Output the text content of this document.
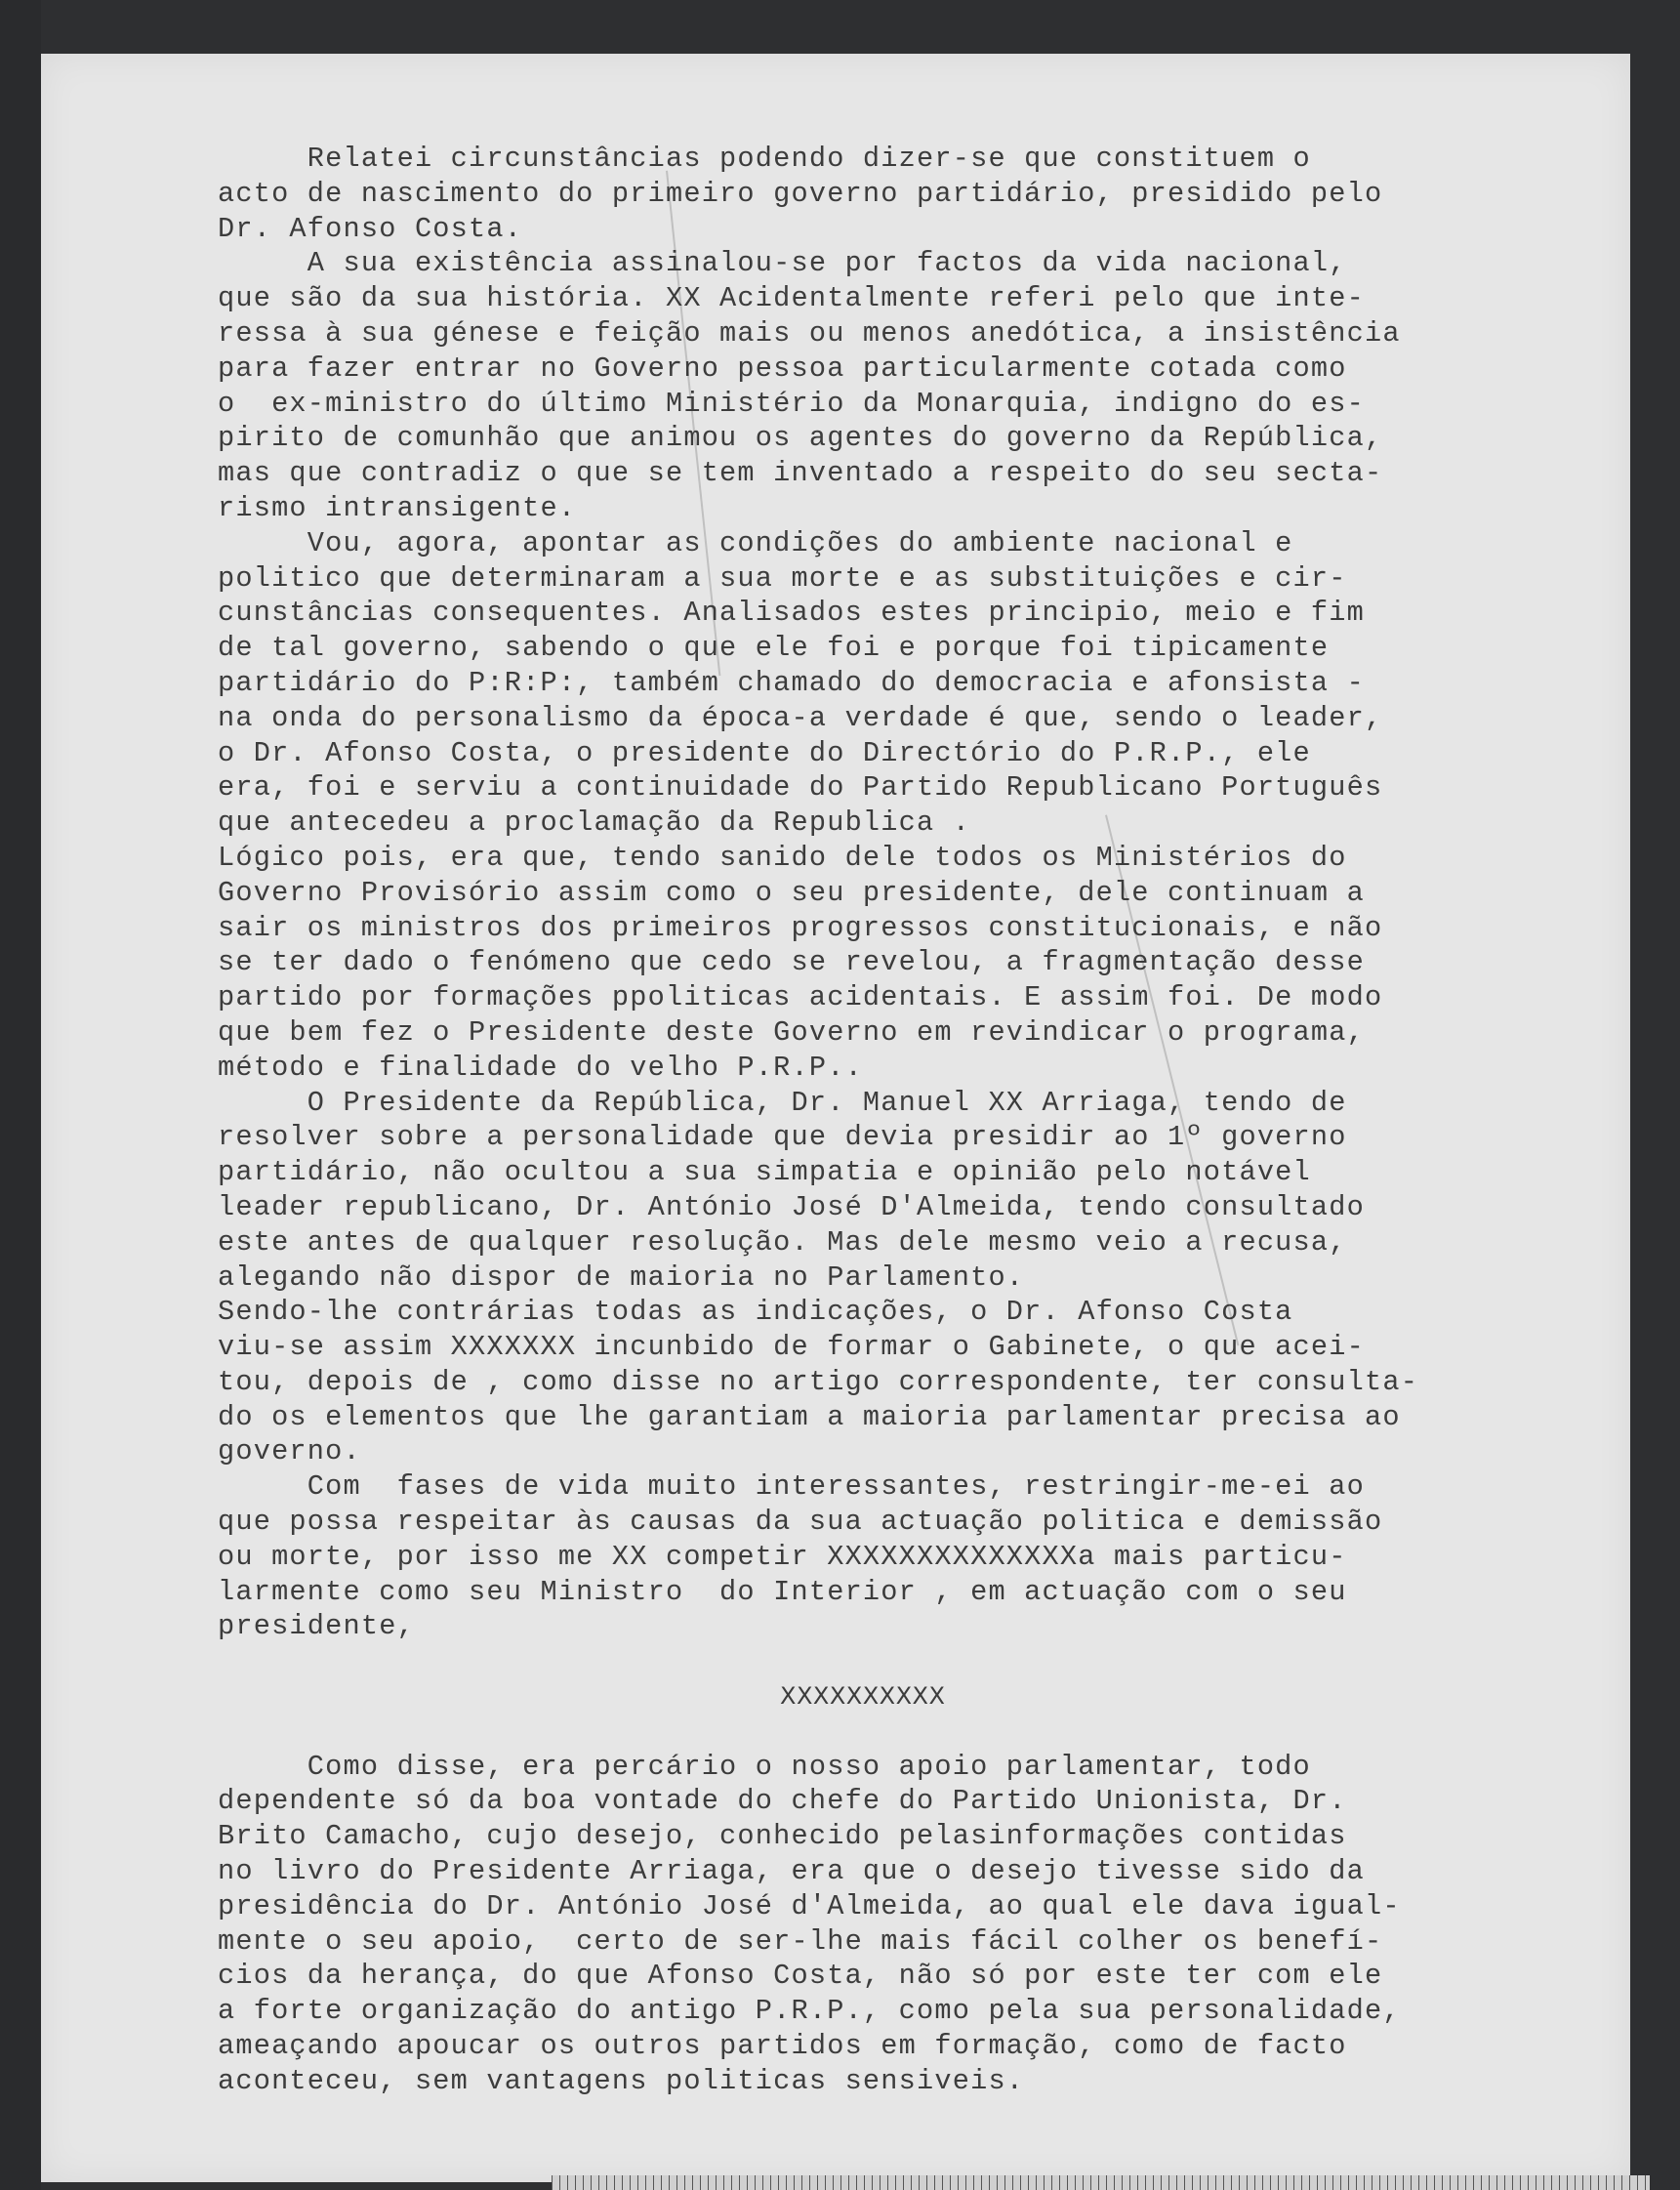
Relatei circunstâncias podendo dizer-se que constituem o
acto de nascimento do primeiro governo partidário, presidido pelo
Dr. Afonso Costa.
A sua existência assinalou-se por factos da vida nacional,
que são da sua história. XX Acidentalmente referi pelo que inte-
ressa à sua génese e feição mais ou menos anedótica, a insistência
para fazer entrar no Governo pessoa particularmente cotada como
o  ex-ministro do último Ministério da Monarquia, indigno do es-
pirito de comunhão que animou os agentes do governo da República,
mas que contradiz o que se tem inventado a respeito do seu secta-
rismo intransigente.
Vou, agora, apontar as condições do ambiente nacional e
politico que determinaram a sua morte e as substituições e cir-
cunstâncias consequentes. Analisados estes principio, meio e fim
de tal governo, sabendo o que ele foi e porque foi tipicamente
partidário do P:R:P:, também chamado do democracia e afonsista -
na onda do personalismo da época-a verdade é que, sendo o leader,
o Dr. Afonso Costa, o presidente do Directório do P.R.P., ele
era, foi e serviu a continuidade do Partido Republicano Português
que antecedeu a proclamação da Republica .
Lógico pois, era que, tendo sanido dele todos os Ministérios do
Governo Provisório assim como o seu presidente, dele continuam a
sair os ministros dos primeiros progressos constitucionais, e não
se ter dado o fenómeno que cedo se revelou, a fragmentação desse
partido por formações ppoliticas acidentais. E assim foi. De modo
que bem fez o Presidente deste Governo em revindicar o programa,
método e finalidade do velho P.R.P..
O Presidente da República, Dr. Manuel XX Arriaga, tendo de
resolver sobre a personalidade que devia presidir ao 1º governo
partidário, não ocultou a sua simpatia e opinião pelo notável
leader republicano, Dr. António José D'Almeida, tendo consultado
este antes de qualquer resolução. Mas dele mesmo veio a recusa,
alegando não dispor de maioria no Parlamento.
Sendo-lhe contrárias todas as indicações, o Dr. Afonso Costa
viu-se assim XXXXXXX incunbido de formar o Gabinete, o que acei-
tou, depois de , como disse no artigo correspondente, ter consulta-
do os elementos que lhe garantiam a maioria parlamentar precisa ao
governo.
Com  fases de vida muito interessantes, restringir-me-ei ao
que possa respeitar às causas da sua actuação politica e demissão
ou morte, por isso me XX competir XXXXXXXXXXXXXXa mais particu-
larmente como seu Ministro  do Interior , em actuação com o seu
presidente,
XXXXXXXXXX
Como disse, era percário o nosso apoio parlamentar, todo
dependente só da boa vontade do chefe do Partido Unionista, Dr.
Brito Camacho, cujo desejo, conhecido pelasinformações contidas
no livro do Presidente Arriaga, era que o desejo tivesse sido da
presidência do Dr. António José d'Almeida, ao qual ele dava igual-
mente o seu apoio,  certo de ser-lhe mais fácil colher os benefí-
cios da herança, do que Afonso Costa, não só por este ter com ele
a forte organização do antigo P.R.P., como pela sua personalidade,
ameaçando apoucar os outros partidos em formação, como de facto
aconteceu, sem vantagens politicas sensiveis.
